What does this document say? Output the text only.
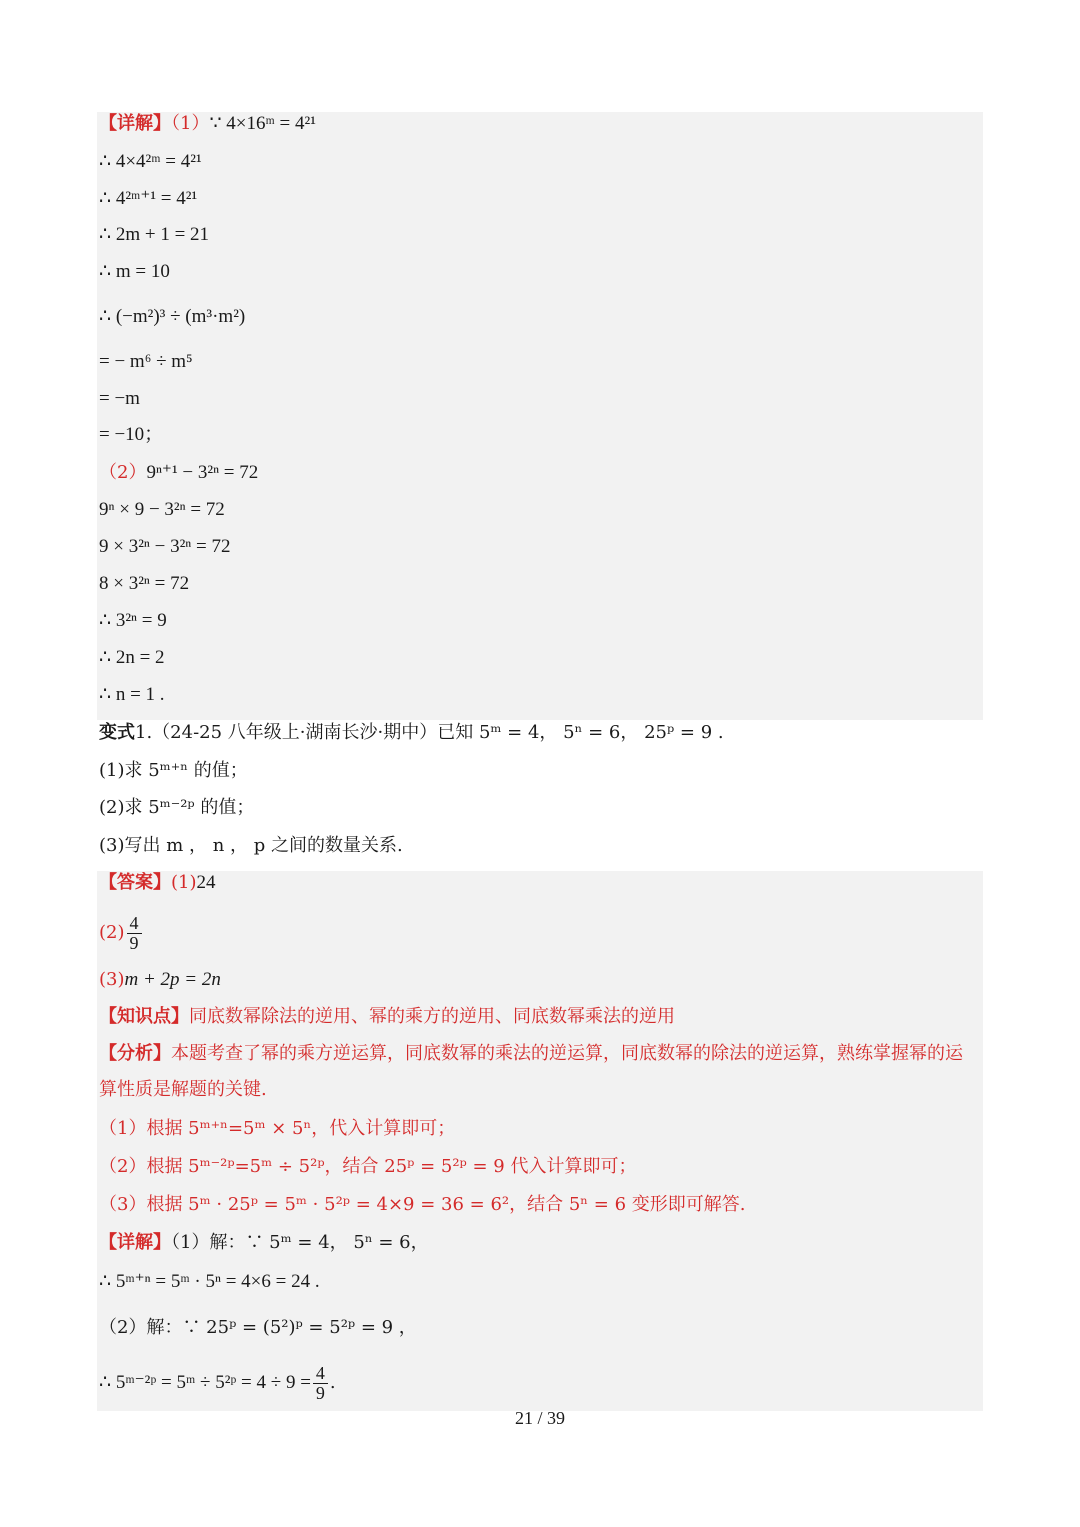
【详解】（1）∵ 4×16ᵐ = 4²¹
∴ 4×4²ᵐ = 4²¹
∴ 4²ᵐ⁺¹ = 4²¹
∴ 2m + 1 = 21
∴ m = 10
∴ (−m²)³ ÷ (m³·m²)
= − m⁶ ÷ m⁵
= −m
= −10；
（2）9ⁿ⁺¹ − 3²ⁿ = 72
9ⁿ × 9 − 3²ⁿ = 72
9 × 3²ⁿ − 3²ⁿ = 72
8 × 3²ⁿ = 72
∴ 3²ⁿ = 9
∴ 2n = 2
∴ n = 1 .
变式1.（24-25 八年级上·湖南长沙·期中）已知 5ᵐ = 4， 5ⁿ = 6， 25ᵖ = 9 .
(1)求 5ᵐ⁺ⁿ 的值；
(2)求 5ᵐ⁻²ᵖ 的值；
(3)写出 m ， n ， p 之间的数量关系.
【答案】(1)24
$(2) \frac{4}{9}$
(3)m + 2p = 2n
【知识点】同底数幂除法的逆用、幂的乘方的逆用、同底数幂乘法的逆用
【分析】本题考查了幂的乘方逆运算，同底数幂的乘法的逆运算，同底数幂的除法的逆运算，熟练掌握幂的运算性质是解题的关键.
（1）根据 5ᵐ⁺ⁿ=5ᵐ × 5ⁿ，代入计算即可；
（2）根据 5ᵐ⁻²ᵖ=5ᵐ ÷ 5²ᵖ，结合 25ᵖ = 5²ᵖ = 9 代入计算即可；
（3）根据 5ᵐ · 25ᵖ = 5ᵐ · 5²ᵖ = 4×9 = 36 = 6²，结合 5ⁿ = 6 变形即可解答.
【详解】（1）解：∵ 5ᵐ = 4， 5ⁿ = 6，
∴ 5ᵐ⁺ⁿ = 5ᵐ · 5ⁿ = 4×6 = 24 .
（2）解：∵ 25ᵖ = (5²)ᵖ = 5²ᵖ = 9 ，
∴ 5ᵐ⁻²ᵖ = 5ᵐ ÷ 5²ᵖ = $4 \div 9 = \frac{4}{9}$ .
21 / 39
